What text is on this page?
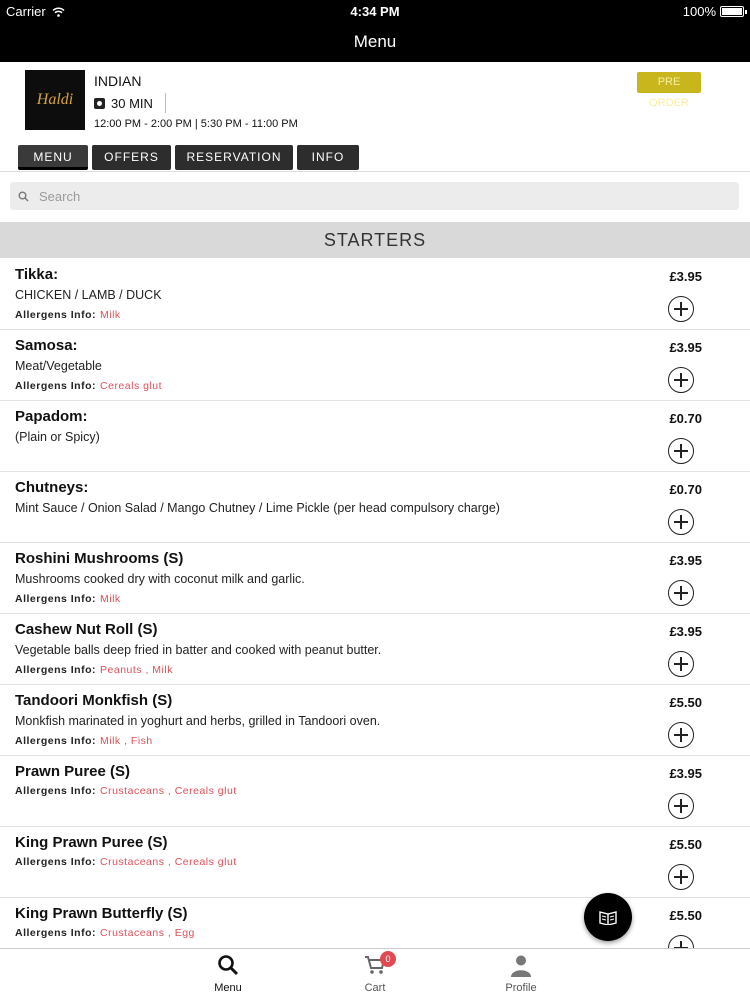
Carrier	4:34 PM	100%
Menu
Haldi
INDIAN
30 MIN
12:00 PM - 2:00 PM | 5:30 PM - 11:00 PM
PRE ORDER
MENU	OFFERS	RESERVATION	INFO
Search
STARTERS
Tikka:
CHICKEN / LAMB / DUCK
Allergens Info: Milk
£3.95
Samosa:
Meat/Vegetable
Allergens Info: Cereals glut
£3.95
Papadom:
(Plain or Spicy)
£0.70
Chutneys:
Mint Sauce / Onion Salad / Mango Chutney / Lime Pickle (per head compulsory charge)
£0.70
Roshini Mushrooms (S)
Mushrooms cooked dry with coconut milk and garlic.
Allergens Info: Milk
£3.95
Cashew Nut Roll (S)
Vegetable balls deep fried in batter and cooked with peanut butter.
Allergens Info: Peanuts , Milk
£3.95
Tandoori Monkfish (S)
Monkfish marinated in yoghurt and herbs, grilled in Tandoori oven.
Allergens Info: Milk , Fish
£5.50
Prawn Puree (S)
Allergens Info: Crustaceans , Cereals glut
£3.95
King Prawn Puree (S)
Allergens Info: Crustaceans , Cereals glut
£5.50
King Prawn Butterfly (S)
Allergens Info: Crustaceans , Egg
£5.50
Menu
0
Cart	Profile
